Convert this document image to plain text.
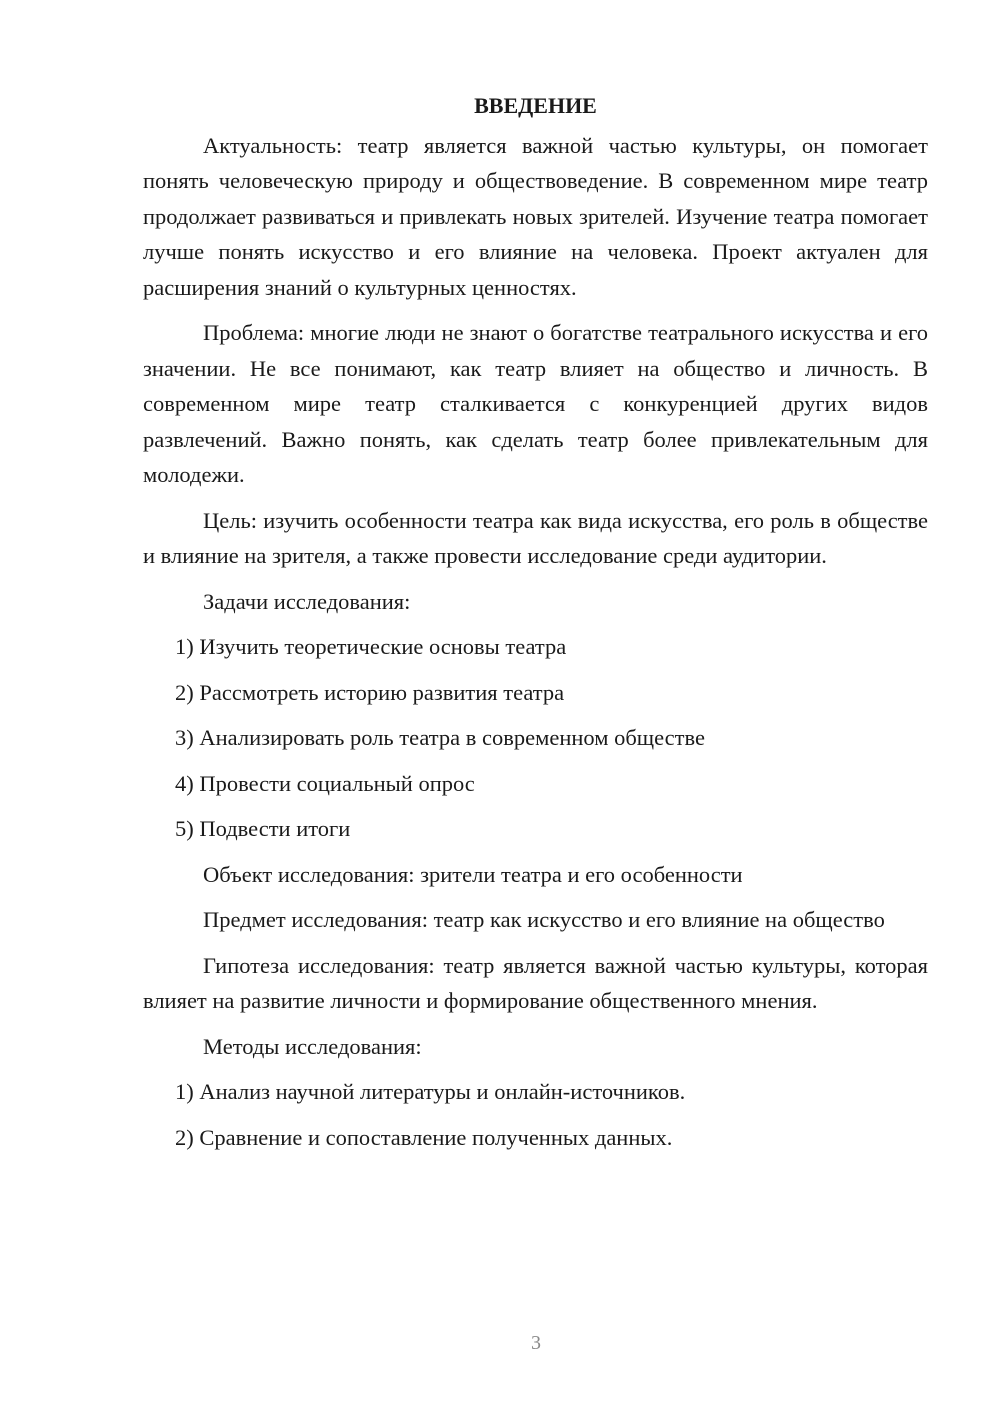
ВВЕДЕНИЕ

Актуальность: театр является важной частью культуры, он помогает понять человеческую природу и обществоведение. В современном мире театр продолжает развиваться и привлекать новых зрителей. Изучение театра помогает лучше понять искусство и его влияние на человека. Проект актуален для расширения знаний о культурных ценностях.

Проблема: многие люди не знают о богатстве театрального искусства и его значении. Не все понимают, как театр влияет на общество и личность. В современном мире театр сталкивается с конкуренцией других видов развлечений. Важно понять, как сделать театр более привлекательным для молодежи.

Цель: изучить особенности театра как вида искусства, его роль в обществе и влияние на зрителя, а также провести исследование среди аудитории.

Задачи исследования:

1) Изучить теоретические основы театра
2) Рассмотреть историю развития театра
3) Анализировать роль театра в современном обществе
4) Провести социальный опрос
5) Подвести итоги

Объект исследования: зрители театра и его особенности

Предмет исследования: театр как искусство и его влияние на общество

Гипотеза исследования: театр является важной частью культуры, которая влияет на развитие личности и формирование общественного мнения.

Методы исследования:

1) Анализ научной литературы и онлайн-источников.
2) Сравнение и сопоставление полученных данных.
3
